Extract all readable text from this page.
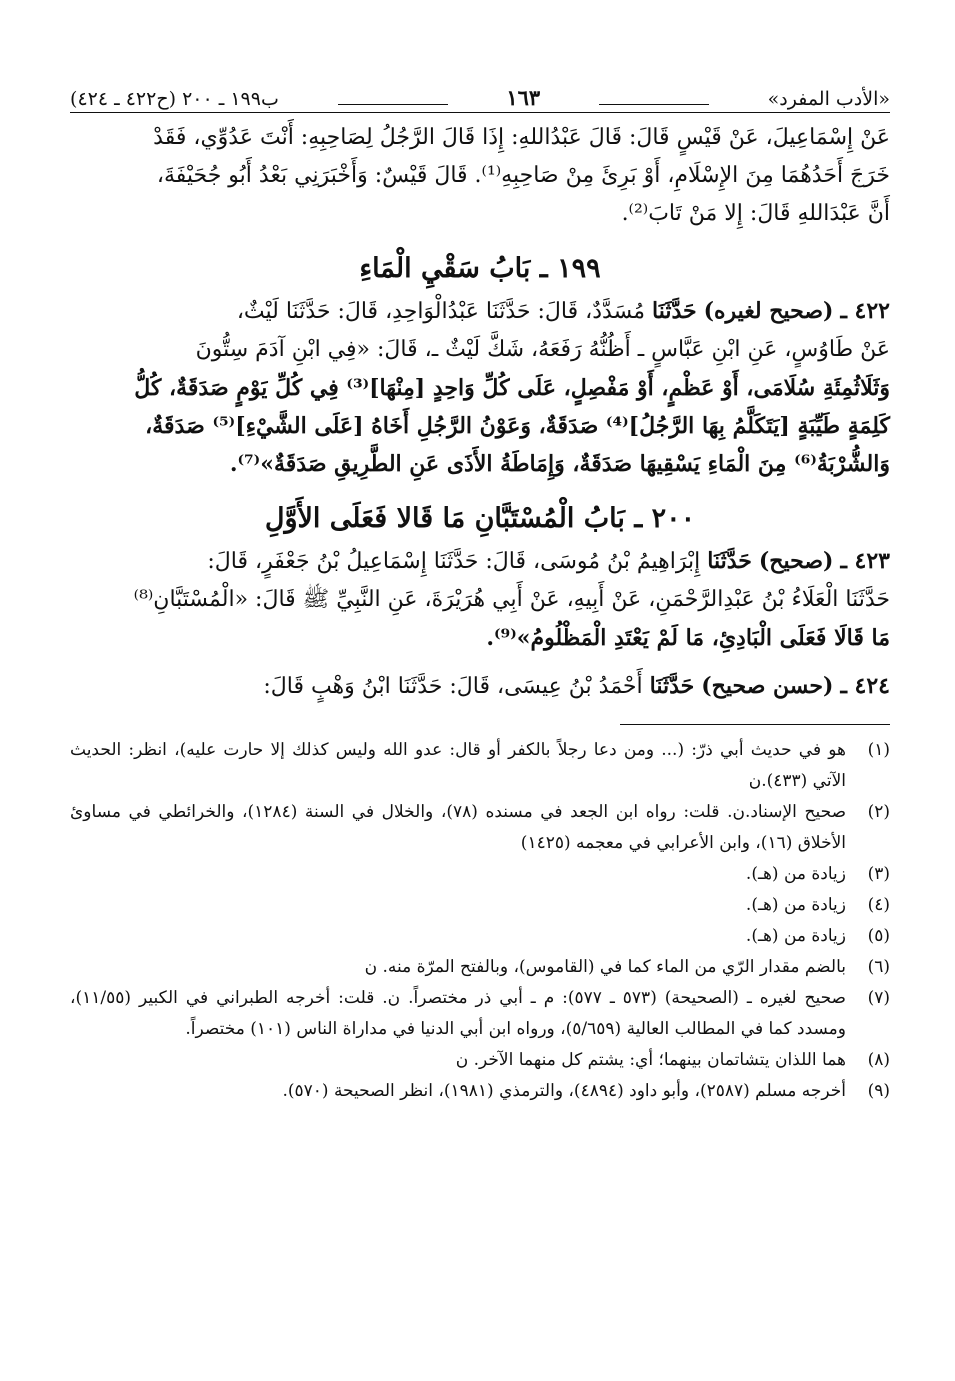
«الأدب المفرد»
١٦٣
ب١٩٩ ـ ٢٠٠ (ح٤٢٢ ـ ٤٢٤)

عَنْ إِسْمَاعِيلَ، عَنْ قَيْسٍ قَالَ: قَالَ عَبْدُاللهِ: إِذَا قَالَ الرَّجُلُ لِصَاحِبِهِ: أَنْتَ عَدُوِّي، فَقَدْ

خَرَجَ أَحَدُهُمَا مِنَ الإِسْلَامِ، أَوْ بَرِئَ مِنْ صَاحِبِهِ⁽¹⁾. قَالَ قَيْسٌ: وَأَخْبَرَنِي بَعْدُ أَبُو جُحَيْفَةَ،

أَنَّ عَبْدَاللهِ قَالَ: إِلا مَنْ تَابَ⁽²⁾.

١٩٩ ـ بَابُ سَقْيِ الْمَاءِ

٤٢٢ ـ (صحيح لغيره) حَدَّثَنَا مُسَدَّدٌ، قَالَ: حَدَّثَنَا عَبْدُالْوَاحِدِ، قَالَ: حَدَّثَنَا لَيْثٌ،

عَنْ طَاوُسٍ، عَنِ ابْنِ عَبَّاسٍ ـ أَظُنُّهُ رَفَعَهُ، شَكَّ لَيْثٌ ـ، قَالَ: «فِي ابْنِ آدَمَ سِتُّونَ

وَثَلَاثُمِئَةِ سُلَامَى، أَوْ عَظْمٍ، أَوْ مَفْصِلٍ، عَلَى كُلِّ وَاحِدٍ [مِنْهَا]⁽³⁾ فِي كُلِّ يَوْمٍ صَدَقَةٌ، كُلُّ

كَلِمَةٍ طَيِّبَةٍ [يَتَكَلَّمُ بِهَا الرَّجُلُ]⁽⁴⁾ صَدَقَةٌ، وَعَوْنُ الرَّجُلِ أَخَاهُ [عَلَى الشَّيْءِ]⁽⁵⁾ صَدَقَةٌ،

وَالشُّرْبَةُ⁽⁶⁾ مِنَ الْمَاءِ يَسْقِيهَا صَدَقَةٌ، وَإِمَاطَةُ الأَذَى عَنِ الطَّرِيقِ صَدَقَةٌ»⁽⁷⁾.

٢٠٠ ـ بَابُ الْمُسْتَبَّانِ مَا قَالا فَعَلَى الأَوَّلِ

٤٢٣ ـ (صحيح) حَدَّثَنَا إِبْرَاهِيمُ بْنُ مُوسَى، قَالَ: حَدَّثَنَا إِسْمَاعِيلُ بْنُ جَعْفَرٍ، قَالَ:

حَدَّثَنَا الْعَلَاءُ بْنُ عَبْدِالرَّحْمَنِ، عَنْ أَبِيهِ، عَنْ أَبِي هُرَيْرَةَ، عَنِ النَّبِيِّ ﷺ قَالَ: «الْمُسْتَبَّانِ⁽⁸⁾

مَا قَالَا فَعَلَى الْبَادِئِ، مَا لَمْ يَعْتَدِ الْمَظْلُومُ»⁽⁹⁾.

٤٢٤ ـ (حسن صحيح) حَدَّثَنَا أَحْمَدُ بْنُ عِيسَى، قَالَ: حَدَّثَنَا ابْنُ وَهْبٍ قَالَ:

(١)
هو في حديث أبي ذرّ: (... ومن دعا رجلاً بالكفر أو قال: عدو الله وليس كذلك إلا حارت عليه)، انظر: الحديث الآتي (٤٣٣).ن
(٢)
صحيح الإسناد.ن. قلت: رواه ابن الجعد في مسنده (٧٨)، والخلال في السنة (١٢٨٤)، والخرائطي في مساوئ الأخلاق (١٦)، وابن الأعرابي في معجمه (١٤٢٥)
(٣)
زيادة من (هـ).
(٤)
زيادة من (هـ).
(٥)
زيادة من (هـ).
(٦)
بالضم مقدار الرّي من الماء كما في (القاموس)، وبالفتح المرّة منه. ن
(٧)
صحيح لغيره ـ (الصحيحة) (٥٧٣ ـ ٥٧٧): م ـ أبي ذر مختصراً. ن. قلت: أخرجه الطبراني في الكبير (١١/٥٥)، ومسدد كما في المطالب العالية (٥/٦٥٩)، ورواه ابن أبي الدنيا في مداراة الناس (١٠١) مختصراً.
(٨)
هما اللذان يتشاتمان بينهما؛ أي: يشتم كل منهما الآخر. ن
(٩)
أخرجه مسلم (٢٥٨٧)، وأبو داود (٤٨٩٤)، والترمذي (١٩٨١)، انظر الصحيحة (٥٧٠).
